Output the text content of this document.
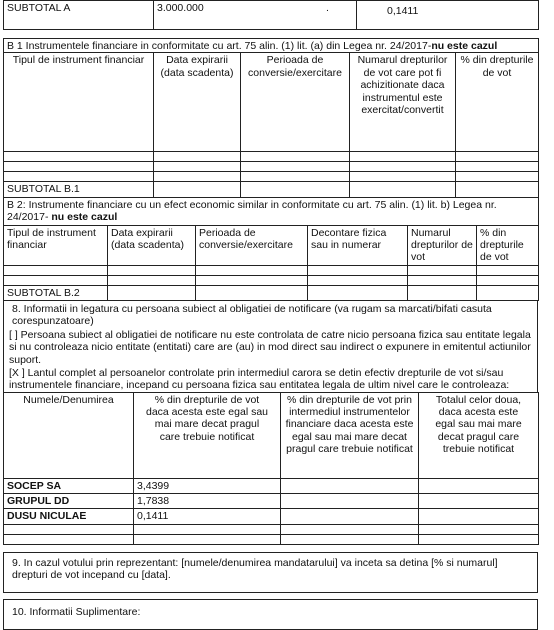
SUBTOTAL A	3.000.000	.	0,1411
B 1 Instrumentele financiare in conformitate cu art. 75 alin. (1) lit. (a) din Legea nr. 24/2017-nu este cazul				
Tipul de instrument financiar	Data expirarii (data scadenta)	Perioada de conversie/exercitare	Numarul drepturilor de vot care pot fi achizitionate daca instrumentul este exercitat/convertit	% din drepturile de vot

SUBTOTAL B.1				
B 2: Instrumente financiare cu un efect economic similar in conformitate cu art. 75 alin. (1) lit. b) Legea nr. 24/2017- nu este cazul					
Tipul de instrument financiar	Data expirarii (data scadenta)	Perioada de conversie/exercitare	Decontare fizica sau in numerar	Numarul drepturilor de vot	% din drepturile de vot

SUBTOTAL B.2					
8. Informatii in legatura cu persoana subiect al obligatiei de notificare (va rugam sa marcati/bifati casuta corespunzatoare)
[ ] Persoana subiect al obligatiei de notificare nu este controlata de catre nicio persoana fizica sau entitate legala si nu controleaza nicio entitate (entitati) care are (au) in mod direct sau indirect o expunere in emitentul actiunilor suport.
[X ] Lantul complet al persoanelor controlate prin intermediul carora se detin efectiv drepturile de vot si/sau instrumentele financiare, incepand cu persoana fizica sau entitatea legala de ultim nivel care le controleaza:
Numele/Denumirea	% din drepturile de vot daca acesta este egal sau mai mare decat pragul care trebuie notificat	% din drepturile de vot prin intermediul instrumentelor financiare daca acesta este egal sau mai mare decat pragul care trebuie notificat	Totalul celor doua, daca acesta este egal sau mai mare decat pragul care trebuie notificat
SOCEP SA	3,4399		
GRUPUL DD	1,7838		
DUSU NICULAE	0,1411		

9. In cazul votului prin reprezentant: [numele/denumirea mandatarului] va inceta sa detina [% si numarul] drepturi de vot incepand cu [data].
10. Informatii Suplimentare:
